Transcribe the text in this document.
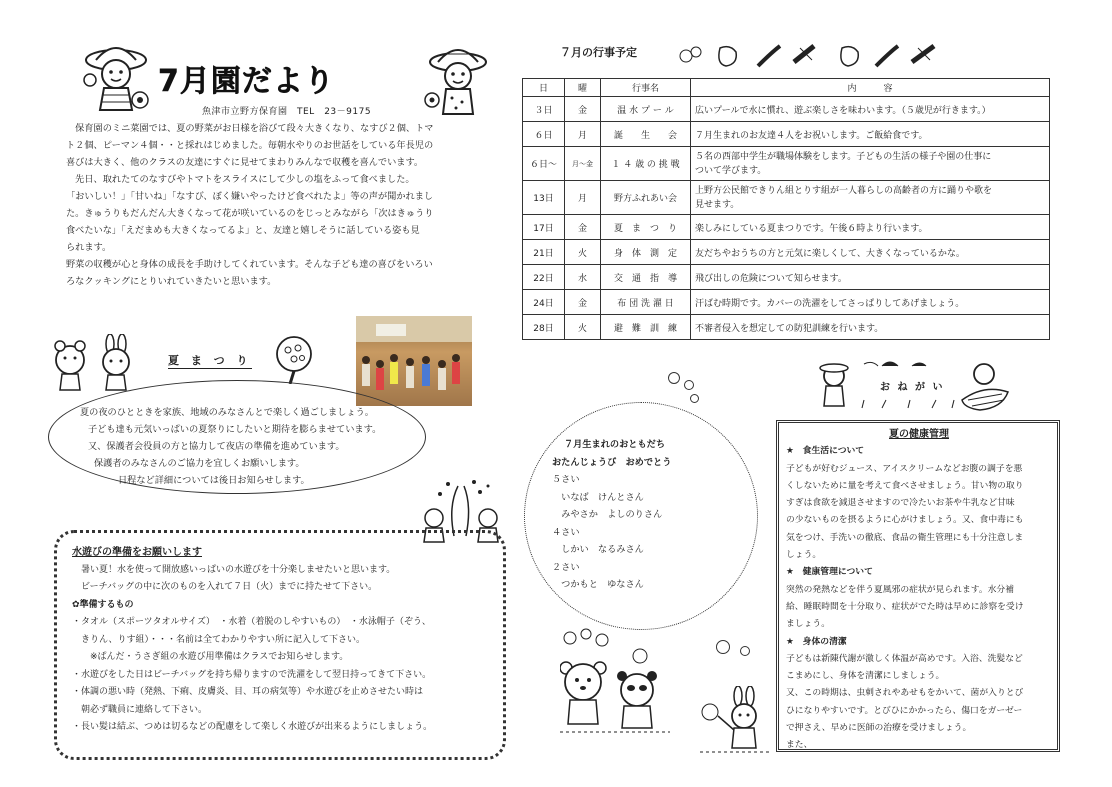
7月園だより
魚津市立野方保育園　TEL　23－9175

　保育園のミニ菜園では、夏の野菜がお日様を浴びて段々大きくなり、なすび２個、トマ

ト２個、ピーマン４個・・と採れはじめました。毎朝水やりのお世話をしている年長児の

喜びは大きく、他のクラスの友達にすぐに見せてまわりみんなで収穫を喜んでいます。

　先日、取れたてのなすびやトマトをスライスにして少しの塩をふって食べました。

「おいしい！」「甘いね」「なすび、ぼく嫌いやったけど食べれたよ」等の声が聞かれまし

た。きゅうりもだんだん大きくなって花が咲いているのをじっとみながら「次はきゅうり

食べたいな」「えだまめも大きくなってるよ」と、友達と嬉しそうに話している姿も見

られます。

野菜の収穫が心と身体の成長を手助けしてくれています。そんな子ども達の喜びをいろい

ろなクッキングにとりいれていきたいと思います。

７月の行事予定
日	曜	行事名	内　　　容
３日	金	温 水 プ ー ル	広いプールで水に慣れ、遊ぶ楽しさを味わいます。（５歳児が行きます。）
６日	月	誕　　生　　会	７月生まれのお友達４人をお祝いします。ご飯給食です。
６日～	月～金	１ ４ 歳 の 挑 戦	５名の西部中学生が職場体験をします。子どもの生活の様子や園の仕事に
ついて学びます。

13日	月	野方ふれあい会	上野方公民館できりん組とりす組が一人暮らしの高齢者の方に踊りや歌を
見せます。

17日	金	夏　ま　つ　り	楽しみにしている夏まつりです。午後６時より行います。
21日	火	身　体　測　定	友だちやおうちの方と元気に楽しくして、大きくなっているかな。
22日	水	交　通　指　導	飛び出しの危険について知らせます。
24日	金	布 団 洗 濯 日	汗ばむ時期です。カバーの洗濯をしてさっぱりしてあげましょう。
28日	火	避　難　訓　練	不審者侵入を想定しての防犯訓練を行います。
夏 ま つ り
夏の夜のひとときを家族、地域のみなさんとで楽しく過ごしましょう。
子ども達も元気いっぱいの夏祭りにしたいと期待を膨らませています。
又、保護者会役員の方と協力して夜店の準備を進めています。
保護者のみなさんのご協力を宜しくお願いします。
日程など詳細については後日お知らせします。
水遊びの準備をお願いします
　暑い夏！水を使って開放感いっぱいの水遊びを十分楽しませたいと思います。
　ビーチバッグの中に次のものを入れて７日（火）までに持たせて下さい。
✿準備するもの
・タオル（スポーツタオルサイズ）　・水着（着脱のしやすいもの）　・水泳帽子（ぞう、
　きりん、りす組）・・・名前は全てわかりやすい所に記入して下さい。
　　※ぱんだ・うさぎ組の水遊び用準備はクラスでお知らせします。
・水遊びをした日はビーチバッグを持ち帰りますので洗濯をして翌日持ってきて下さい。
・体調の悪い時（発熱、下痢、皮膚炎、目、耳の病気等）や水遊びを止めさせたい時は
　朝必ず職員に連絡して下さい。
・長い髪は結ぶ、つめは切るなどの配慮をして楽しく水遊びが出来るようにしましょう。
７月生まれのおともだち
おたんじょうび　おめでとう
５さい
　いなば　けんとさん
　みやさか　よしのりさん
４さい
　しかい　なるみさん
２さい
　つかもと　ゆなさん
お ね が い
夏の健康管理
★　食生活について
子どもが好むジュース、アイスクリームなどお腹の調子を悪
くしないために量を考えて食べさせましょう。甘い物の取り
すぎは食欲を減退させますので冷たいお茶や牛乳など甘味
の少ないものを摂るように心がけましょう。又、食中毒にも
気をつけ、手洗いの徹底、食品の衛生管理にも十分注意しま
しょう。
★　健康管理について
突然の発熱などを伴う夏風邪の症状が見られます。水分補
給、睡眠時間を十分取り、症状がでた時は早めに診察を受け
ましょう。
★　身体の清潔
子どもは新陳代謝が激しく体温が高めです。入浴、洗髪など
こまめにし、身体を清潔にしましょう。
又、この時期は、虫刺されやあせもをかいて、菌が入りとび
ひになりやすいです。とびひにかかったら、傷口をガーゼー
で押さえ、早めに医師の治療を受けましょう。
また、
